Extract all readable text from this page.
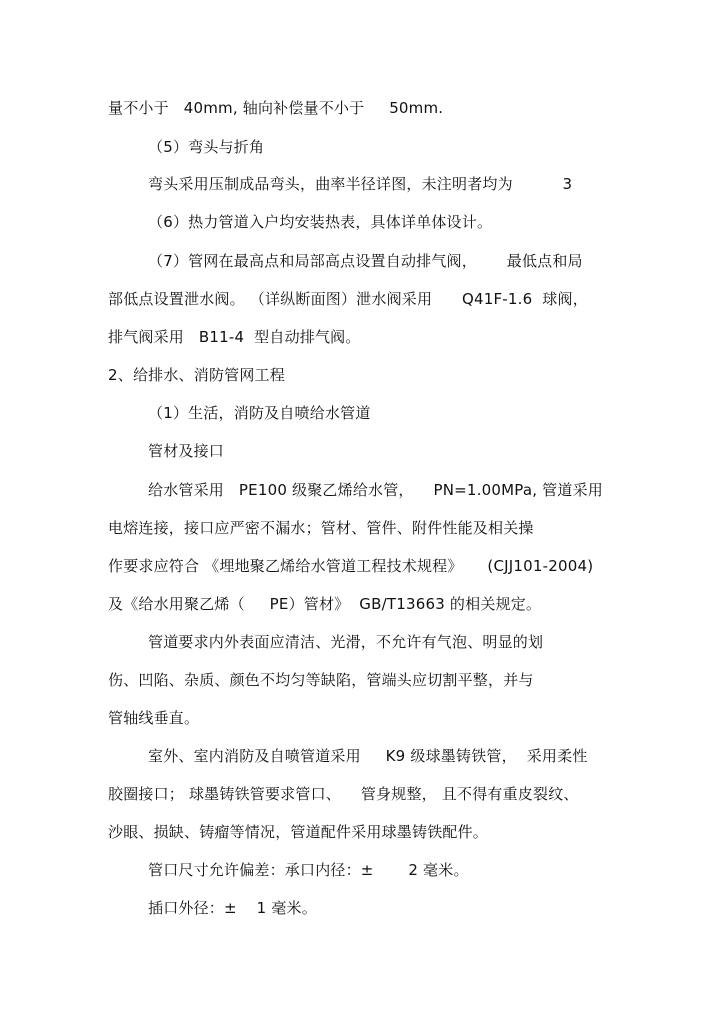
量不小于   40mm, 轴向补偿量不小于     50mm.
（5）弯头与折角
弯头采用压制成品弯头，曲率半径详图，未注明者均为          3
（6）热力管道入户均安装热表，具体详单体设计。
（7）管网在最高点和局部高点设置自动排气阀，      最低点和局
部低点设置泄水阀。 （详纵断面图）泄水阀采用      Q41F-1.6  球阀，
排气阀采用   B11-4  型自动排气阀。
2、给排水、消防管网工程
（1）生活，消防及自喷给水管道
管材及接口
给水管采用   PE100 级聚乙烯给水管，    PN=1.00MPa, 管道采用
电熔连接，接口应严密不漏水；管材、管件、附件性能及相关操
作要求应符合 《埋地聚乙烯给水管道工程技术规程》     (CJJ101-2004)
及《给水用聚乙烯（     PE）管材》  GB/T13663 的相关规定。
管道要求内外表面应清洁、光滑，不允许有气泡、明显的划
伤、凹陷、杂质、颜色不均匀等缺陷，管端头应切割平整，并与
管轴线垂直。
室外、室内消防及自喷管道采用     K9 级球墨铸铁管，  采用柔性
胶圈接口； 球墨铸铁管要求管口、    管身规整， 且不得有重皮裂纹、
沙眼、损缺、铸瘤等情况，管道配件采用球墨铸铁配件。
管口尺寸允许偏差：承口内径：±       2 毫米。
插口外径：±    1 毫米。
